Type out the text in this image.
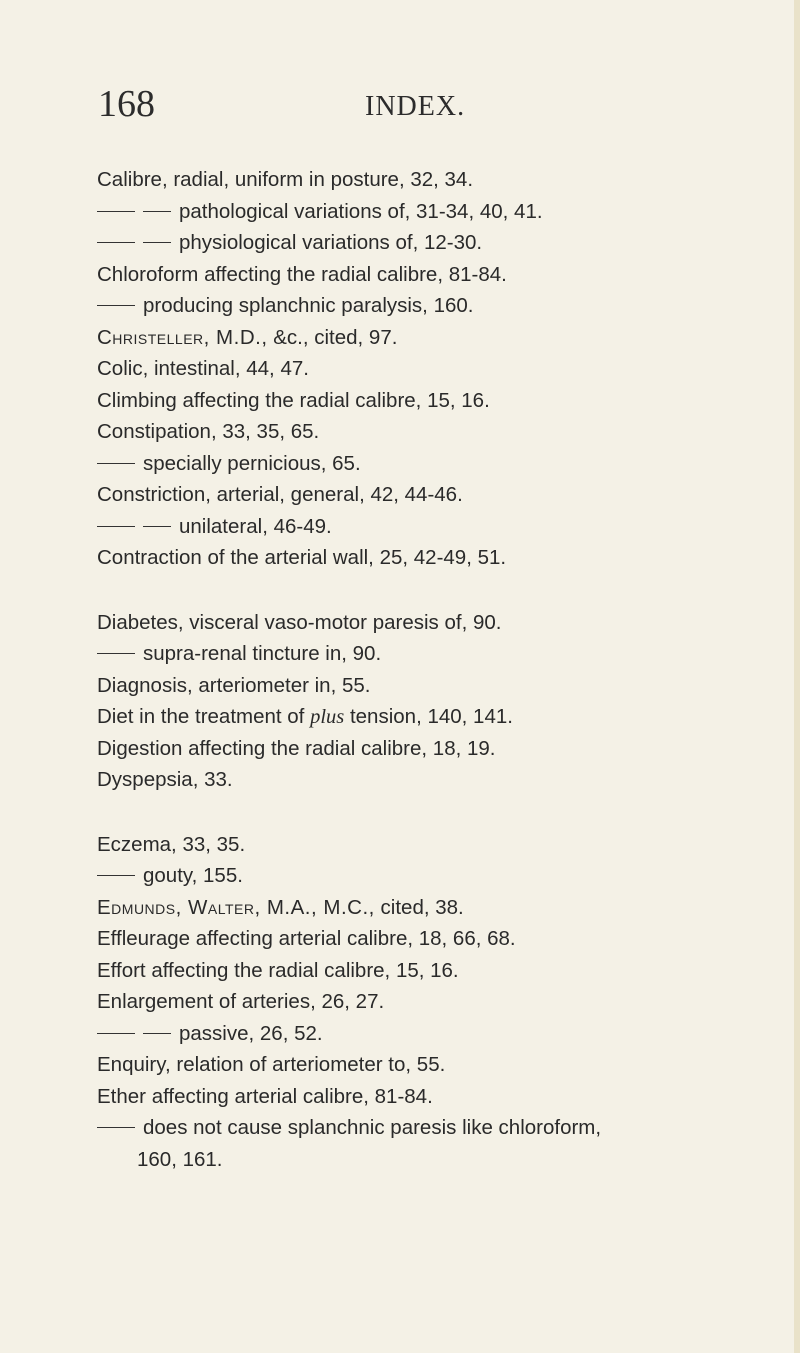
168	INDEX.
Calibre, radial, uniform in posture, 32, 34.
pathological variations of, 31-34, 40, 41.
physiological variations of, 12-30.
Chloroform affecting the radial calibre, 81-84.
producing splanchnic paralysis, 160.
Christeller, M.D., &c., cited, 97.
Colic, intestinal, 44, 47.
Climbing affecting the radial calibre, 15, 16.
Constipation, 33, 35, 65.
specially pernicious, 65.
Constriction, arterial, general, 42, 44-46.
unilateral, 46-49.
Contraction of the arterial wall, 25, 42-49, 51.
Diabetes, visceral vaso-motor paresis of, 90.
supra-renal tincture in, 90.
Diagnosis, arteriometer in, 55.
Diet in the treatment of plus tension, 140, 141.
Digestion affecting the radial calibre, 18, 19.
Dyspepsia, 33.
Eczema, 33, 35.
gouty, 155.
Edmunds, Walter, M.A., M.C., cited, 38.
Effleurage affecting arterial calibre, 18, 66, 68.
Effort affecting the radial calibre, 15, 16.
Enlargement of arteries, 26, 27.
passive, 26, 52.
Enquiry, relation of arteriometer to, 55.
Ether affecting arterial calibre, 81-84.
does not cause splanchnic paresis like chloroform,
160, 161.
